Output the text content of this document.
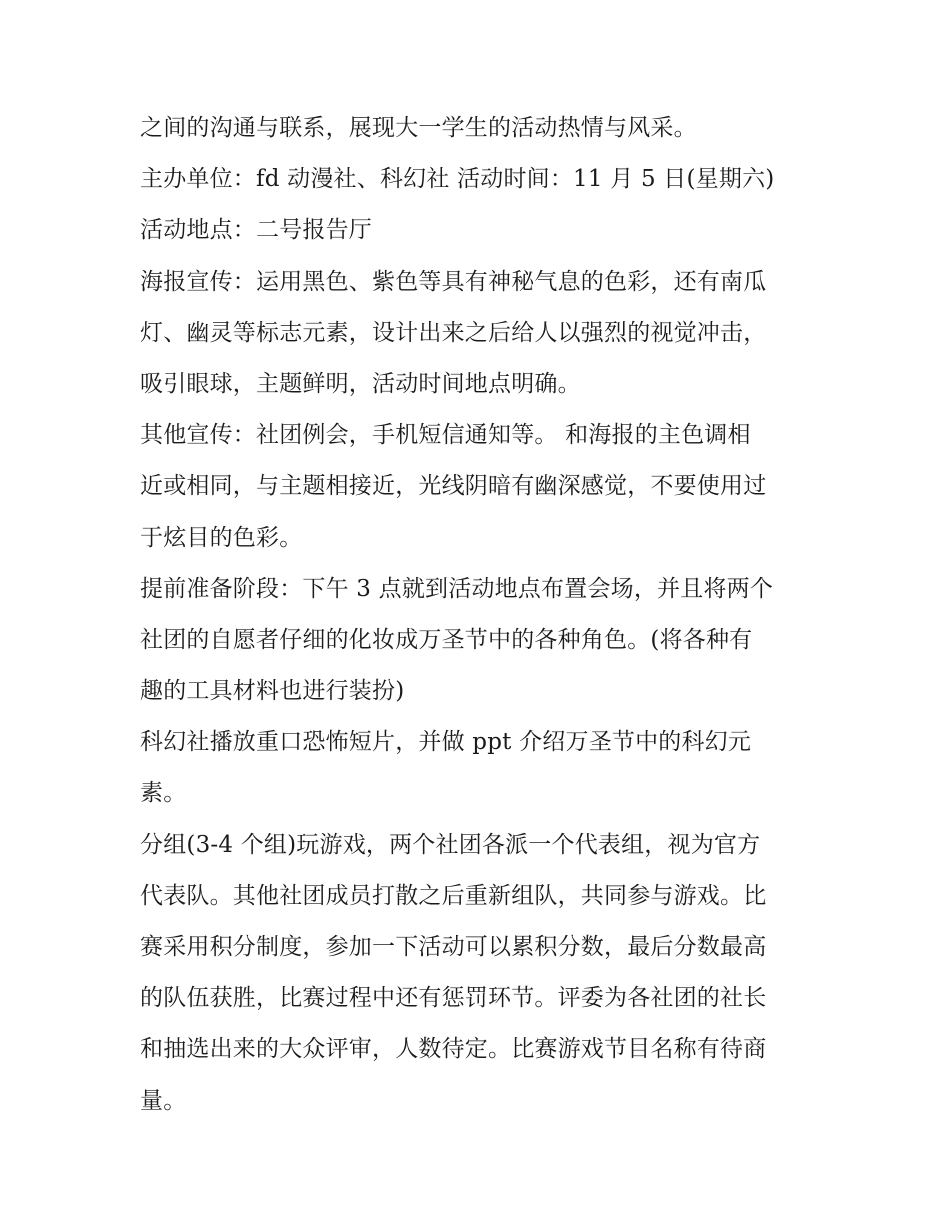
之间的沟通与联系，展现大一学生的活动热情与风采。

主办单位：fd 动漫社、科幻社 活动时间：11 月 5 日(星期六)

活动地点：二号报告厅

海报宣传：运用黑色、紫色等具有神秘气息的色彩，还有南瓜

灯、幽灵等标志元素，设计出来之后给人以强烈的视觉冲击，

吸引眼球，主题鲜明，活动时间地点明确。

其他宣传：社团例会，手机短信通知等。 和海报的主色调相

近或相同，与主题相接近，光线阴暗有幽深感觉，不要使用过

于炫目的色彩。

提前准备阶段：下午 3 点就到活动地点布置会场，并且将两个

社团的自愿者仔细的化妆成万圣节中的各种角色。(将各种有

趣的工具材料也进行装扮)

科幻社播放重口恐怖短片，并做 ppt 介绍万圣节中的科幻元

素。

分组(3-4 个组)玩游戏，两个社团各派一个代表组，视为官方

代表队。其他社团成员打散之后重新组队，共同参与游戏。比

赛采用积分制度，参加一下活动可以累积分数，最后分数最高

的队伍获胜，比赛过程中还有惩罚环节。评委为各社团的社长

和抽选出来的大众评审，人数待定。比赛游戏节目名称有待商

量。
